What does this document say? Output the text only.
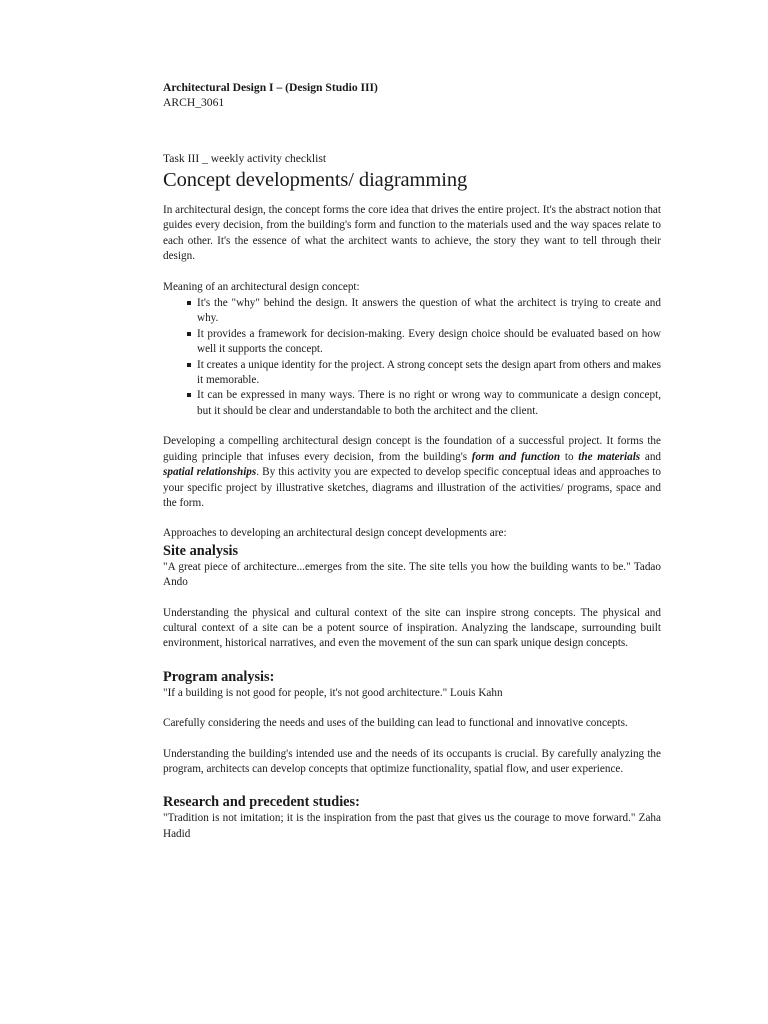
Architectural Design I – (Design Studio III)

ARCH_3061

Task III _ weekly activity checklist

Concept developments/ diagramming

In architectural design, the concept forms the core idea that drives the entire project. It's the abstract notion that guides every decision, from the building's form and function to the materials used and the way spaces relate to each other. It's the essence of what the architect wants to achieve, the story they want to tell through their design.

Meaning of an architectural design concept:

It's the "why" behind the design. It answers the question of what the architect is trying to create and why.
It provides a framework for decision-making. Every design choice should be evaluated based on how well it supports the concept.
It creates a unique identity for the project. A strong concept sets the design apart from others and makes it memorable.
It can be expressed in many ways. There is no right or wrong way to communicate a design concept, but it should be clear and understandable to both the architect and the client.

Developing a compelling architectural design concept is the foundation of a successful project. It forms the guiding principle that infuses every decision, from the building's form and function to the materials and spatial relationships. By this activity you are expected to develop specific conceptual ideas and approaches to your specific project by illustrative sketches, diagrams and illustration of the activities/ programs, space and the form.

Approaches to developing an architectural design concept developments are:

Site analysis

"A great piece of architecture...emerges from the site. The site tells you how the building wants to be." Tadao Ando

Understanding the physical and cultural context of the site can inspire strong concepts. The physical and cultural context of a site can be a potent source of inspiration. Analyzing the landscape, surrounding built environment, historical narratives, and even the movement of the sun can spark unique design concepts.

Program analysis:

"If a building is not good for people, it's not good architecture." Louis Kahn

Carefully considering the needs and uses of the building can lead to functional and innovative concepts.

Understanding the building's intended use and the needs of its occupants is crucial. By carefully analyzing the program, architects can develop concepts that optimize functionality, spatial flow, and user experience.

Research and precedent studies:

"Tradition is not imitation; it is the inspiration from the past that gives us the courage to move forward." Zaha Hadid
